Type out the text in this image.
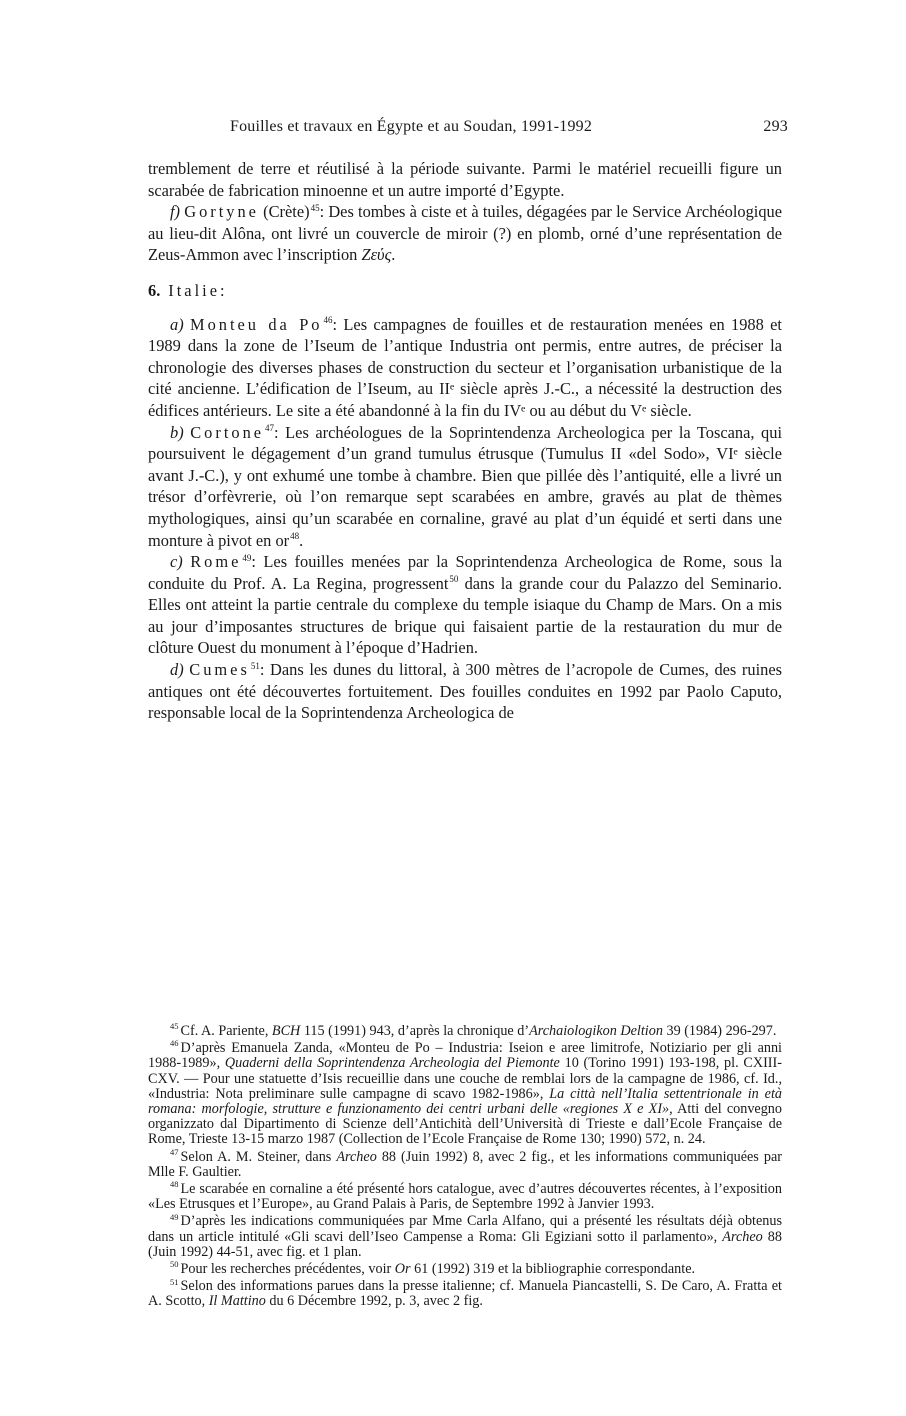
Fouilles et travaux en Égypte et au Soudan, 1991-1992	293

tremblement de terre et réutilisé à la période suivante. Parmi le matériel recueilli figure un scarabée de fabrication minoenne et un autre importé d’Egypte.

f) Gortyne (Crète)$^{45}$: Des tombes à ciste et à tuiles, dégagées par le Service Archéologique au lieu-dit Alôna, ont livré un couvercle de miroir (?) en plomb, orné d’une représentation de Zeus-Ammon avec l’inscription Ζεύς.

6. Italie:

a) Monteu da Po$^{46}$: Les campagnes de fouilles et de restauration menées en 1988 et 1989 dans la zone de l’Iseum de l’antique Industria ont permis, entre autres, de préciser la chronologie des diverses phases de construction du secteur et l’organisation urbanistique de la cité ancienne. L’édification de l’Iseum, au IIᵉ siècle après J.-C., a nécessité la destruction des édifices antérieurs. Le site a été abandonné à la fin du IVᵉ ou au début du Vᵉ siècle.

b) Cortone$^{47}$: Les archéologues de la Soprintendenza Archeologica per la Toscana, qui poursuivent le dégagement d’un grand tumulus étrusque (Tumulus II «del Sodo», VIᵉ siècle avant J.-C.), y ont exhumé une tombe à chambre. Bien que pillée dès l’antiquité, elle a livré un trésor d’orfèvrerie, où l’on remarque sept scarabées en ambre, gravés au plat de thèmes mythologiques, ainsi qu’un scarabée en cornaline, gravé au plat d’un équidé et serti dans une monture à pivot en or$^{48}$.

c) Rome$^{49}$: Les fouilles menées par la Soprintendenza Archeologica de Rome, sous la conduite du Prof. A. La Regina, progressent$^{50}$ dans la grande cour du Palazzo del Seminario. Elles ont atteint la partie centrale du complexe du temple isiaque du Champ de Mars. On a mis au jour d’imposantes structures de brique qui faisaient partie de la restauration du mur de clôture Ouest du monument à l’époque d’Hadrien.

d) Cumes$^{51}$: Dans les dunes du littoral, à 300 mètres de l’acropole de Cumes, des ruines antiques ont été découvertes fortuitement. Des fouilles conduites en 1992 par Paolo Caputo, responsable local de la Soprintendenza Archeologica de

$^{45}$ Cf. A. Pariente, BCH 115 (1991) 943, d’après la chronique d’Archaiologikon Deltion 39 (1984) 296-297.

$^{46}$ D’après Emanuela Zanda, «Monteu de Po – Industria: Iseion e aree limitrofe, Notiziario per gli anni 1988-1989», Quaderni della Soprintendenza Archeologia del Piemonte 10 (Torino 1991) 193-198, pl. CXIII-CXV. — Pour une statuette d’Isis recueillie dans une couche de remblai lors de la campagne de 1986, cf. Id., «Industria: Nota preliminare sulle campagne di scavo 1982-1986», La città nell’Italia settentrionale in età romana: morfologie, strutture e funzionamento dei centri urbani delle «regiones X e XI», Atti del convegno organizzato dal Dipartimento di Scienze dell’Antichità dell’Università di Trieste e dall’Ecole Française de Rome, Trieste 13-15 marzo 1987 (Collection de l’Ecole Française de Rome 130; 1990) 572, n. 24.

$^{47}$ Selon A. M. Steiner, dans Archeo 88 (Juin 1992) 8, avec 2 fig., et les informations communiquées par Mlle F. Gaultier.

$^{48}$ Le scarabée en cornaline a été présenté hors catalogue, avec d’autres découvertes récentes, à l’exposition «Les Etrusques et l’Europe», au Grand Palais à Paris, de Septembre 1992 à Janvier 1993.

$^{49}$ D’après les indications communiquées par Mme Carla Alfano, qui a présenté les résultats déjà obtenus dans un article intitulé «Gli scavi dell’Iseo Campense a Roma: Gli Egiziani sotto il parlamento», Archeo 88 (Juin 1992) 44-51, avec fig. et 1 plan.

$^{50}$ Pour les recherches précédentes, voir Or 61 (1992) 319 et la bibliographie correspondante.

$^{51}$ Selon des informations parues dans la presse italienne; cf. Manuela Piancastelli, S. De Caro, A. Fratta et A. Scotto, Il Mattino du 6 Décembre 1992, p. 3, avec 2 fig.
